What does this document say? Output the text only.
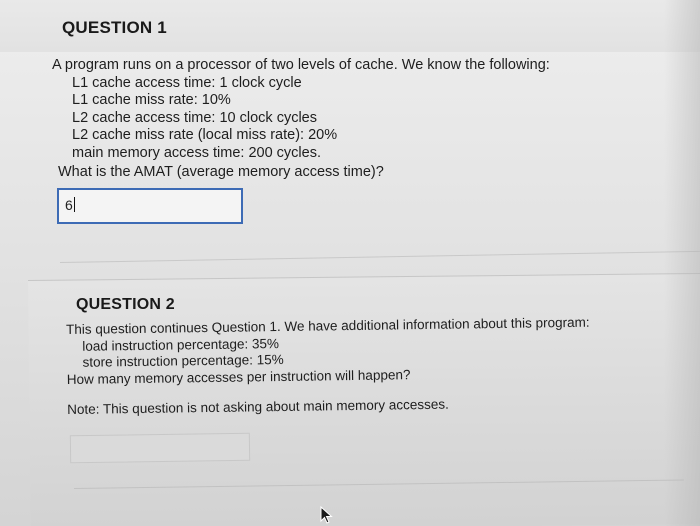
QUESTION 1

A program runs on a processor of two levels of cache. We know the following:

L1 cache access time: 1 clock cycle
L1 cache miss rate: 10%
L2 cache access time: 10 clock cycles
L2 cache miss rate (local miss rate): 20%
main memory access time: 200 cycles.

What is the AMAT (average memory access time)?

6
QUESTION 2

This question continues Question 1. We have additional information about this program:

load instruction percentage: 35%
store instruction percentage: 15%

How many memory accesses per instruction will happen?

Note: This question is not asking about main memory accesses.
